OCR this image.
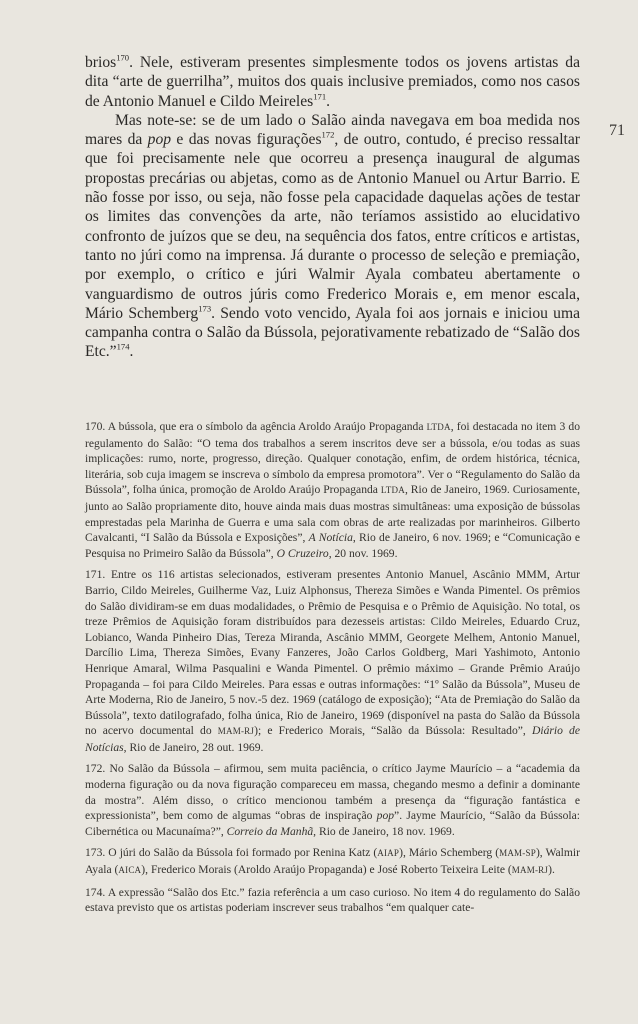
71

brios$^{170}$. Nele, estiveram presentes simplesmente todos os jovens artistas da dita “arte de guerrilha”, muitos dos quais inclusive premiados, como nos casos de Antonio Manuel e Cildo Meireles$^{171}$.

Mas note-se: se de um lado o Salão ainda navegava em boa medida nos mares da pop e das novas figurações$^{172}$, de outro, contudo, é preciso ressaltar que foi precisamente nele que ocorreu a presença inaugural de algumas propostas precárias ou abjetas, como as de Antonio Manuel ou Artur Barrio. E não fosse por isso, ou seja, não fosse pela capacidade daquelas ações de testar os limites das convenções da arte, não teríamos assistido ao elucidativo confronto de juízos que se deu, na sequência dos fatos, entre críticos e artistas, tanto no júri como na imprensa. Já durante o processo de seleção e premiação, por exemplo, o crítico e júri Walmir Ayala combateu abertamente o vanguardismo de outros júris como Frederico Morais e, em menor escala, Mário Schemberg$^{173}$. Sendo voto vencido, Ayala foi aos jornais e iniciou uma campanha contra o Salão da Bússola, pejorativamente rebatizado de “Salão dos Etc.”$^{174}$.

170. A bússola, que era o símbolo da agência Aroldo Araújo Propaganda LTDA, foi destacada no item 3 do regulamento do Salão: “O tema dos trabalhos a serem inscritos deve ser a bússola, e/ou todas as suas implicações: rumo, norte, progresso, direção. Qualquer conotação, enfim, de ordem histórica, técnica, literária, sob cuja imagem se inscreva o símbolo da empresa promotora”. Ver o “Regulamento do Salão da Bússola”, folha única, promoção de Aroldo Araújo Propaganda LTDA, Rio de Janeiro, 1969. Curiosamente, junto ao Salão propriamente dito, houve ainda mais duas mostras simultâneas: uma exposição de bússolas emprestadas pela Marinha de Guerra e uma sala com obras de arte realizadas por marinheiros. Gilberto Cavalcanti, “I Salão da Bússola e Exposições”, A Notícia, Rio de Janeiro, 6 nov. 1969; e “Comunicação e Pesquisa no Primeiro Salão da Bússola”, O Cruzeiro, 20 nov. 1969.

171. Entre os 116 artistas selecionados, estiveram presentes Antonio Manuel, Ascânio MMM, Artur Barrio, Cildo Meireles, Guilherme Vaz, Luiz Alphonsus, Thereza Simões e Wanda Pimentel. Os prêmios do Salão dividiram-se em duas modalidades, o Prêmio de Pesquisa e o Prêmio de Aquisição. No total, os treze Prêmios de Aquisição foram distribuídos para dezesseis artistas: Cildo Meireles, Eduardo Cruz, Lobianco, Wanda Pinheiro Dias, Tereza Miranda, Ascânio MMM, Georgete Melhem, Antonio Manuel, Darcílio Lima, Thereza Simões, Evany Fanzeres, João Carlos Goldberg, Mari Yashimoto, Antonio Henrique Amaral, Wilma Pasqualini e Wanda Pimentel. O prêmio máximo – Grande Prêmio Araújo Propaganda – foi para Cildo Meireles. Para essas e outras informações: “1º Salão da Bússola”, Museu de Arte Moderna, Rio de Janeiro, 5 nov.-5 dez. 1969 (catálogo de exposição); “Ata de Premiação do Salão da Bússola”, texto datilografado, folha única, Rio de Janeiro, 1969 (disponível na pasta do Salão da Bússola no acervo documental do MAM-RJ); e Frederico Morais, “Salão da Bússola: Resultado”, Diário de Notícias, Rio de Janeiro, 28 out. 1969.

172. No Salão da Bússola – afirmou, sem muita paciência, o crítico Jayme Maurício – a “academia da moderna figuração ou da nova figuração compareceu em massa, chegando mesmo a definir a dominante da mostra”. Além disso, o crítico mencionou também a presença da “figuração fantástica e expressionista”, bem como de algumas “obras de inspiração pop”. Jayme Maurício, “Salão da Bússola: Cibernética ou Macunaíma?”, Correio da Manhã, Rio de Janeiro, 18 nov. 1969.

173. O júri do Salão da Bússola foi formado por Renina Katz (AIAP), Mário Schemberg (MAM-SP), Walmir Ayala (AICA), Frederico Morais (Aroldo Araújo Propaganda) e José Roberto Teixeira Leite (MAM-RJ).

174. A expressão “Salão dos Etc.” fazia referência a um caso curioso. No item 4 do regulamento do Salão estava previsto que os artistas poderiam inscrever seus trabalhos “em qualquer cate-
